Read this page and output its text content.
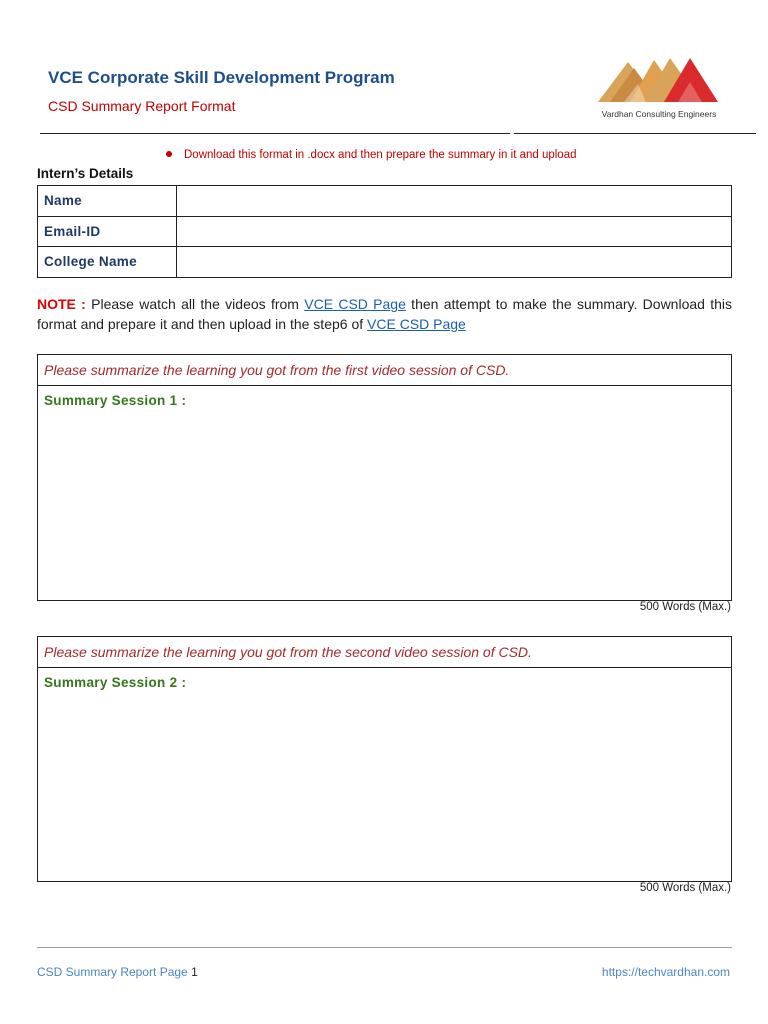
VCE Corporate Skill Development Program
CSD Summary Report Format	Vardhan Consulting Engineers
Download this format in .docx and then prepare the summary in it and upload
Intern’s Details
Name	
Email-ID	
College Name	
NOTE : Please watch all the videos from VCE CSD Page then attempt to make the summary. Download this format and prepare it and then upload in the step6 of VCE CSD Page
Please summarize the learning you got from the first video session of CSD.
Summary Session 1 :
500 Words (Max.)
Please summarize the learning you got from the second video session of CSD.
Summary Session 2 :
500 Words (Max.)
CSD Summary Report Page 1	https://techvardhan.com
